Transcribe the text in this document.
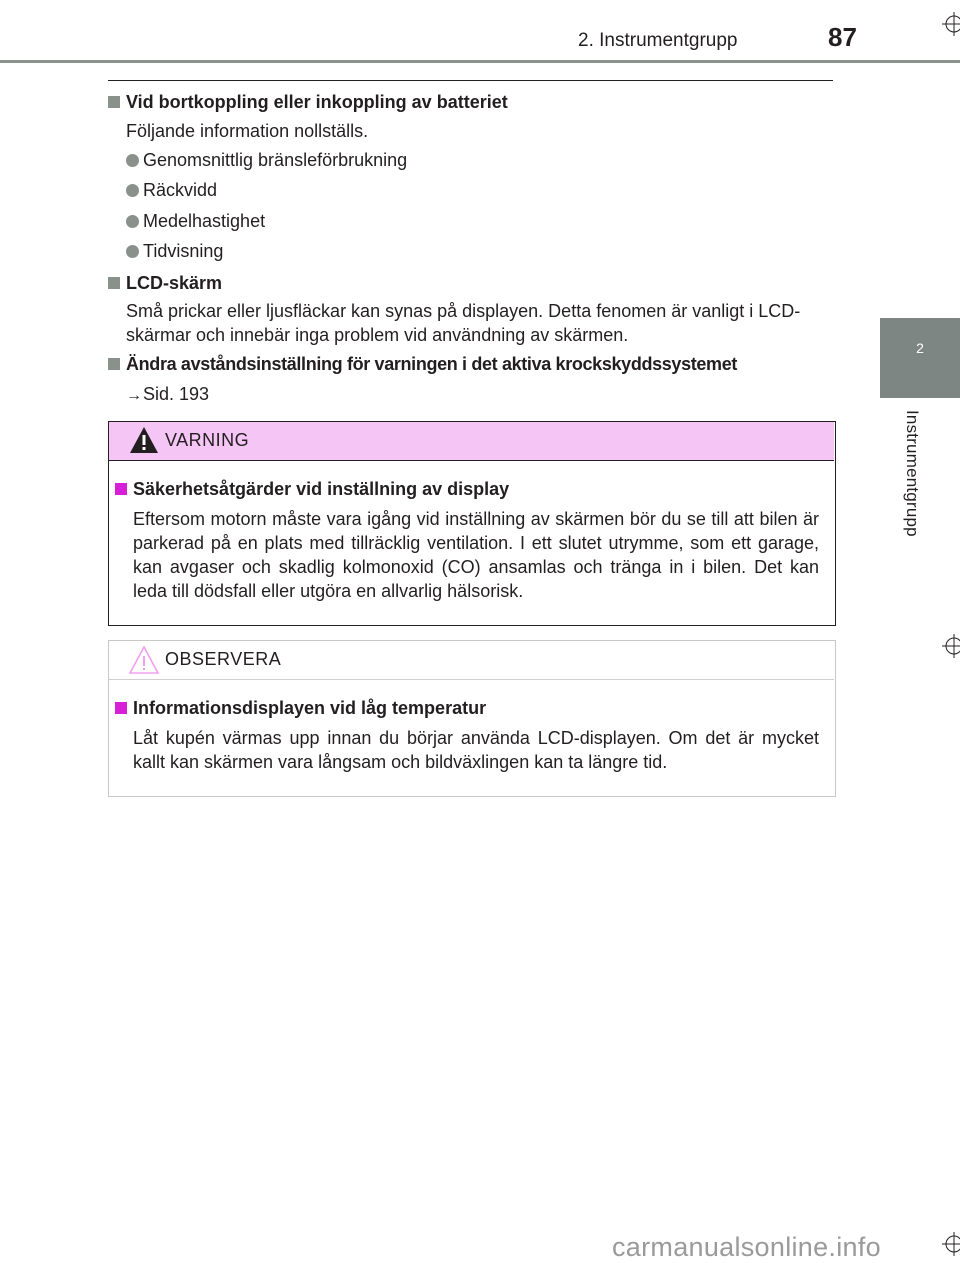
2. Instrumentgrupp	87
2
Instrumentgrupp
Vid bortkoppling eller inkoppling av batteriet
Följande information nollställs.
Genomsnittlig bränsleförbrukning
Räckvidd
Medelhastighet
Tidvisning
LCD-skärm
Små prickar eller ljusfläckar kan synas på displayen. Detta fenomen är vanligt i LCD-skärmar och innebär inga problem vid användning av skärmen.
Ändra avståndsinställning för varningen i det aktiva krockskyddssystemet
→Sid. 193
VARNING
Säkerhetsåtgärder vid inställning av display
Eftersom motorn måste vara igång vid inställning av skärmen bör du se till att bilen är parkerad på en plats med tillräcklig ventilation. I ett slutet utrymme, som ett garage, kan avgaser och skadlig kolmonoxid (CO) ansamlas och tränga in i bilen. Det kan leda till dödsfall eller utgöra en allvarlig hälsorisk.
OBSERVERA
Informationsdisplayen vid låg temperatur
Låt kupén värmas upp innan du börjar använda LCD-displayen. Om det är mycket kallt kan skärmen vara långsam och bildväxlingen kan ta längre tid.
carmanualsonline.info
